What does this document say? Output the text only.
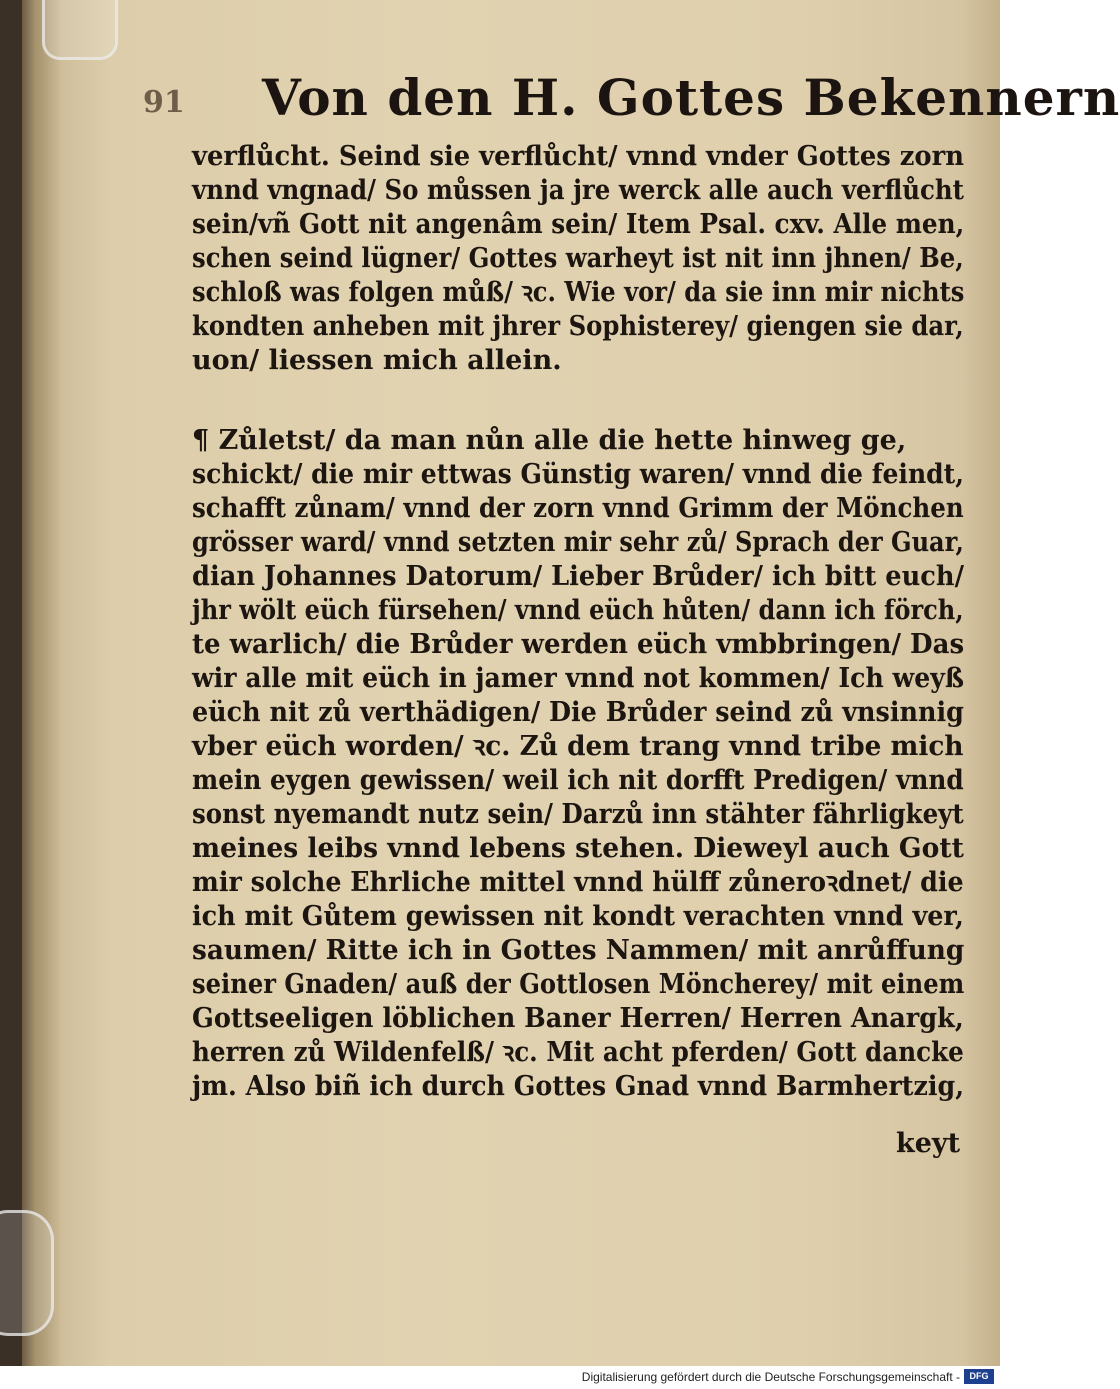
91 Von den H. Gottes Bekennern
verflůcht. Seind sie verflůcht/ vnnd vnder Gottes zorn
vnnd vngnad/ So můssen ja jre werck alle auch verflůcht
sein/vñ Gott nit angenâm sein/ Item Psal. cxv. Alle men,
schen seind lügner/ Gottes warheyt ist nit inn jhnen/ Be,
schloß was folgen můß/ ꝛc. Wie vor/ da sie inn mir nichts
kondten anheben mit jhrer Sophisterey/ giengen sie dar,
uon/ liessen mich allein.
¶ Zůletst/ da man nůn alle die hette hinweg ge,
schickt/ die mir ettwas Günstig waren/ vnnd die feindt,
schafft zůnam/ vnnd der zorn vnnd Grimm der Mönchen
grösser ward/ vnnd setzten mir sehr zů/ Sprach der Guar,
dian Johannes Datorum/ Lieber Brůder/ ich bitt euch/
jhr wölt eüch fürsehen/ vnnd eüch hůten/ dann ich förch,
te warlich/ die Brůder werden eüch vmbbringen/ Das
wir alle mit eüch in jamer vnnd not kommen/ Ich weyß
eüch nit zů verthädigen/ Die Brůder seind zů vnsinnig
vber eüch worden/ ꝛc. Zů dem trang vnnd tribe mich
mein eygen gewissen/ weil ich nit dorfft Predigen/ vnnd
sonst nyemandt nutz sein/ Darzů inn stähter fährligkeyt
meines leibs vnnd lebens stehen. Dieweyl auch Gott
mir solche Ehrliche mittel vnnd hülff zůneroꝛdnet/ die
ich mit Gůtem gewissen nit kondt verachten vnnd ver,
saumen/ Ritte ich in Gottes Nammen/ mit anrůffung
seiner Gnaden/ auß der Gottlosen Möncherey/ mit einem
Gottseeligen löblichen Baner Herren/ Herren Anargk,
herren zů Wildenfelß/ ꝛc. Mit acht pferden/ Gott dancke
jm. Also biñ ich durch Gottes Gnad vnnd Barmhertzig,
keyt
Digitalisierung gefördert durch die Deutsche Forschungsgemeinschaft -	DFG
